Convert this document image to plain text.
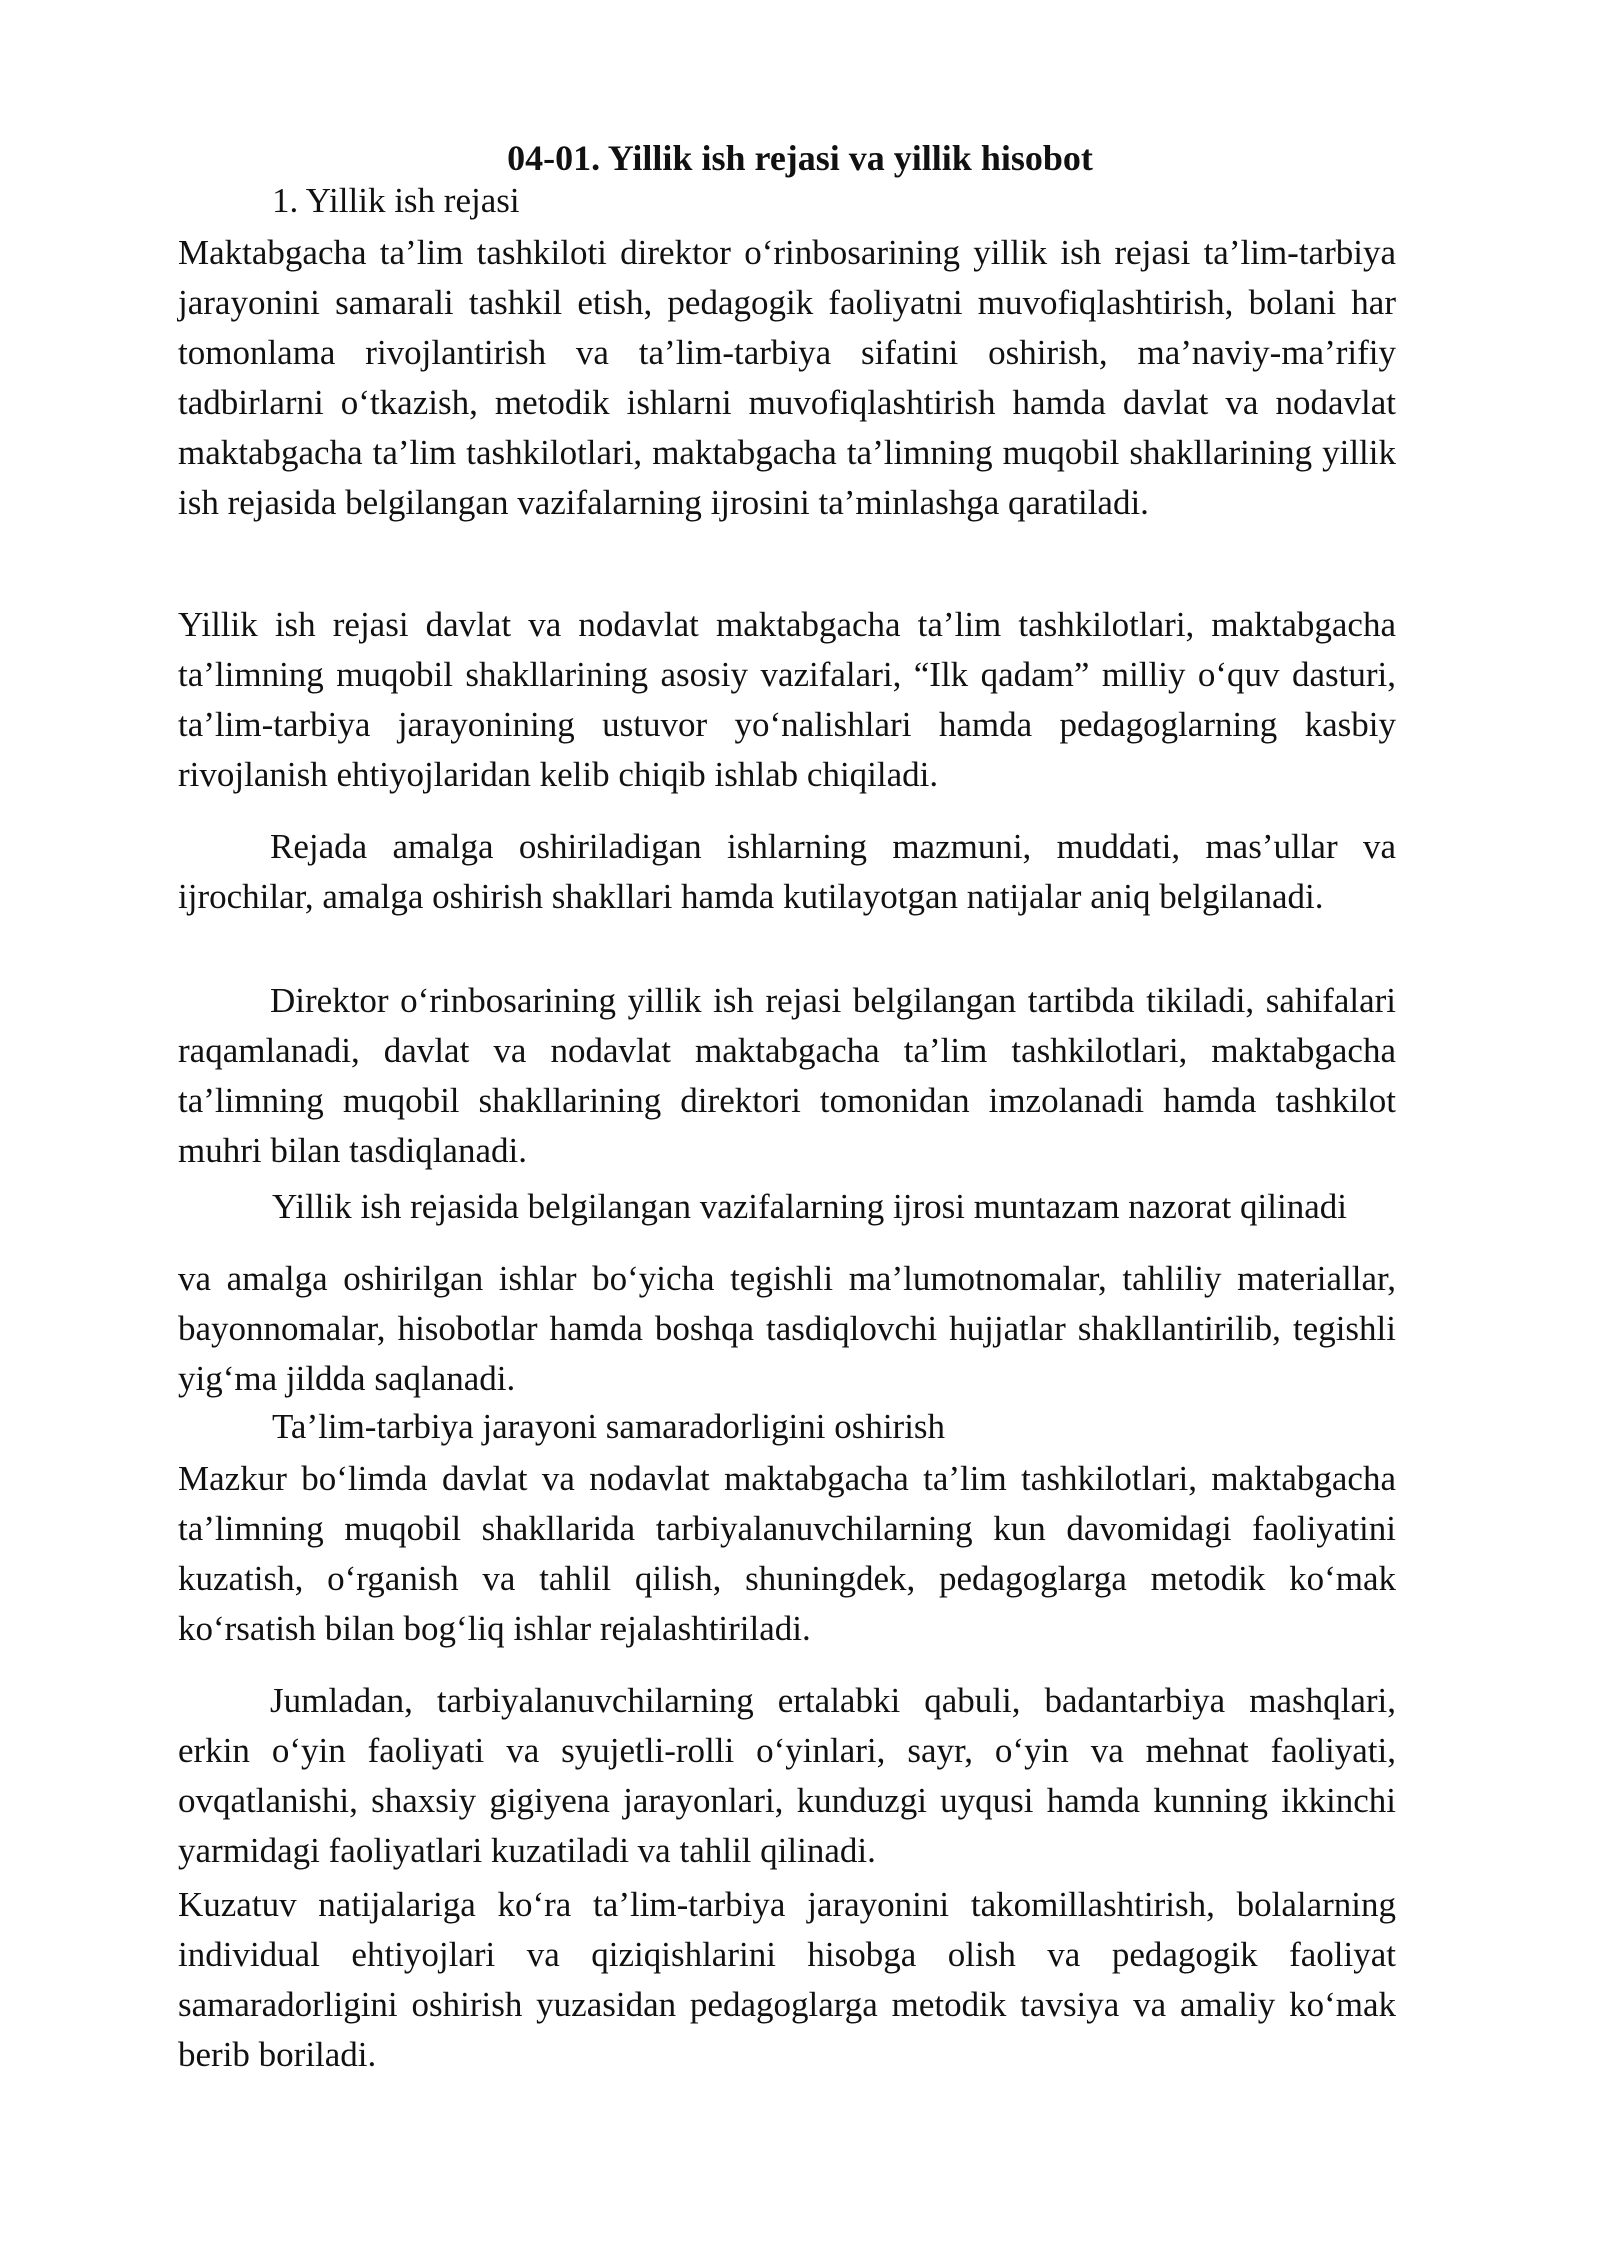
04-01. Yillik ish rejasi va yillik hisobot
1. Yillik ish rejasi

Maktabgacha ta’lim tashkiloti direktor o‘rinbosarining yillik ish rejasi ta’lim-tarbiya jarayonini samarali tashkil etish, pedagogik faoliyatni muvofiqlashtirish, bolani har tomonlama rivojlantirish va ta’lim-tarbiya sifatini oshirish, ma’naviy-ma’rifiy tadbirlarni o‘tkazish, metodik ishlarni muvofiqlashtirish hamda davlat va nodavlat maktabgacha ta’lim tashkilotlari, maktabgacha ta’limning muqobil shakllarining yillik ish rejasida belgilangan vazifalarning ijrosini ta’minlashga qaratiladi.

Yillik ish rejasi davlat va nodavlat maktabgacha ta’lim tashkilotlari, maktabgacha ta’limning muqobil shakllarining asosiy vazifalari, “Ilk qadam” milliy o‘quv dasturi, ta’lim-tarbiya jarayonining ustuvor yo‘nalishlari hamda pedagoglarning kasbiy rivojlanish ehtiyojlaridan kelib chiqib ishlab chiqiladi.

Rejada amalga oshiriladigan ishlarning mazmuni, muddati, mas’ullar va ijrochilar, amalga oshirish shakllari hamda kutilayotgan natijalar aniq belgilanadi.

Direktor o‘rinbosarining yillik ish rejasi belgilangan tartibda tikiladi, sahifalari raqamlanadi, davlat va nodavlat maktabgacha ta’lim tashkilotlari, maktabgacha ta’limning muqobil shakllarining direktori tomonidan imzolanadi hamda tashkilot muhri bilan tasdiqlanadi.

Yillik ish rejasida belgilangan vazifalarning ijrosi muntazam nazorat qilinadi

va amalga oshirilgan ishlar bo‘yicha tegishli ma’lumotnomalar, tahliliy materiallar, bayonnomalar, hisobotlar hamda boshqa tasdiqlovchi hujjatlar shakllantirilib, tegishli yig‘ma jildda saqlanadi.

Ta’lim-tarbiya jarayoni samaradorligini oshirish

Mazkur bo‘limda davlat va nodavlat maktabgacha ta’lim tashkilotlari, maktabgacha ta’limning muqobil shakllarida tarbiyalanuvchilarning kun davomidagi faoliyatini kuzatish, o‘rganish va tahlil qilish, shuningdek, pedagoglarga metodik ko‘mak ko‘rsatish bilan bog‘liq ishlar rejalashtiriladi.

Jumladan, tarbiyalanuvchilarning ertalabki qabuli, badantarbiya mashqlari, erkin o‘yin faoliyati va syujetli-rolli o‘yinlari, sayr, o‘yin va mehnat faoliyati, ovqatlanishi, shaxsiy gigiyena jarayonlari, kunduzgi uyqusi hamda kunning ikkinchi yarmidagi faoliyatlari kuzatiladi va tahlil qilinadi.

Kuzatuv natijalariga ko‘ra ta’lim-tarbiya jarayonini takomillashtirish, bolalarning individual ehtiyojlari va qiziqishlarini hisobga olish va pedagogik faoliyat samaradorligini oshirish yuzasidan pedagoglarga metodik tavsiya va amaliy ko‘mak berib boriladi.
